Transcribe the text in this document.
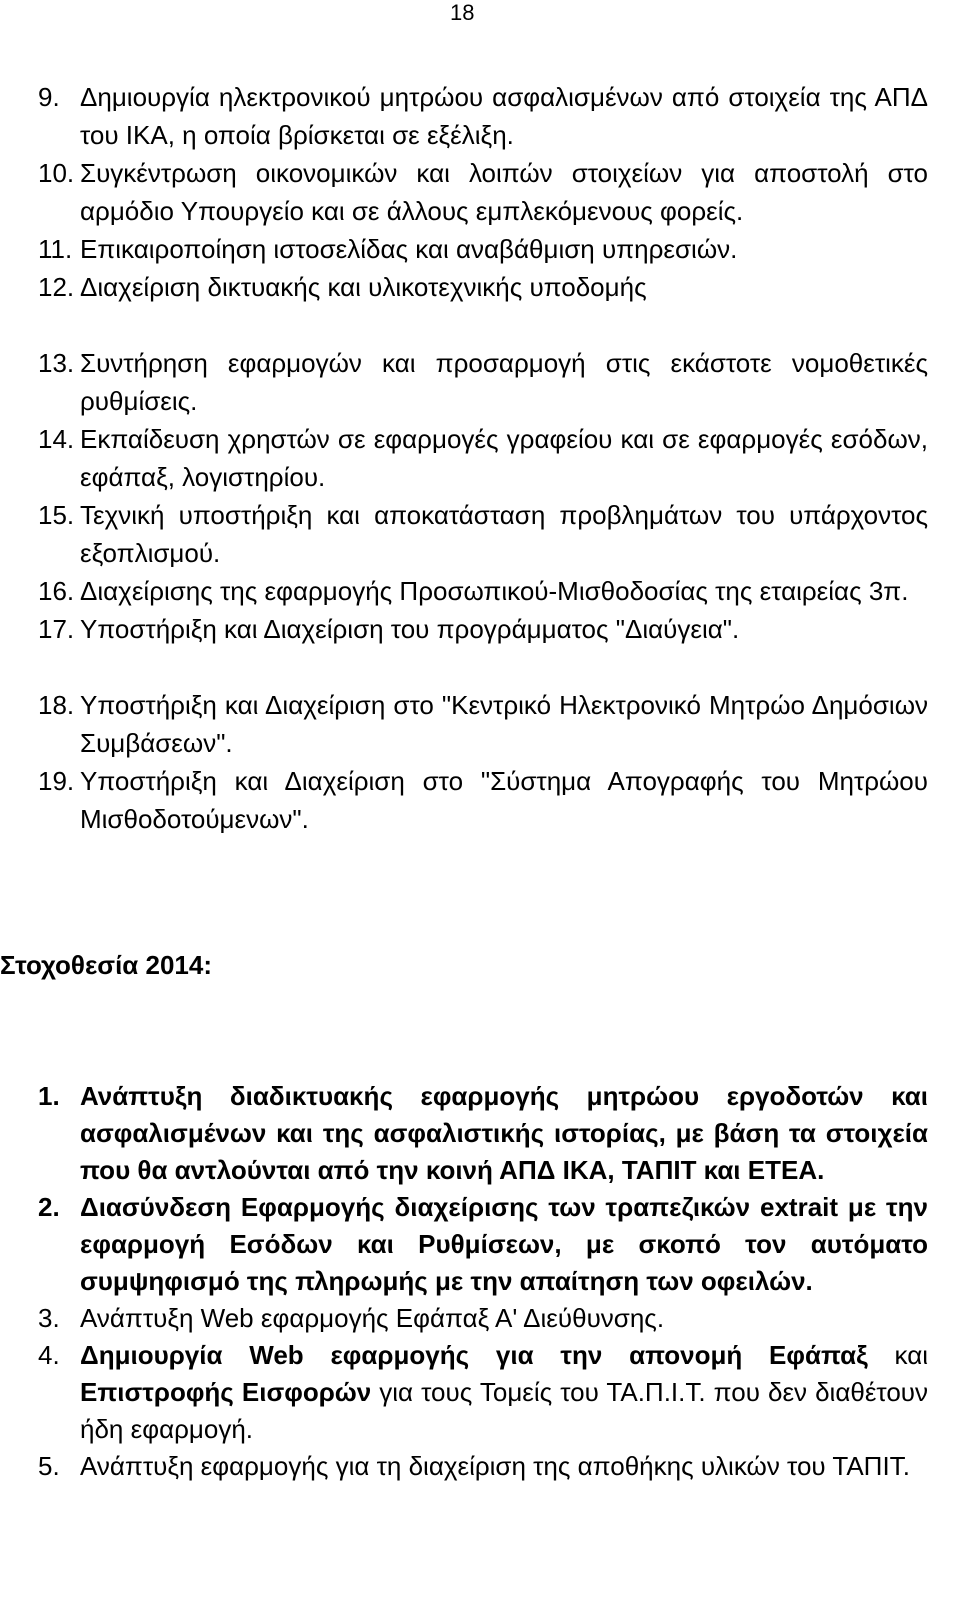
18
9. Δημιουργία ηλεκτρονικού μητρώου ασφαλισμένων από στοιχεία της ΑΠΔ του ΙΚΑ, η οποία βρίσκεται σε εξέλιξη.
10. Συγκέντρωση οικονομικών και λοιπών στοιχείων για αποστολή στο αρμόδιο Υπουργείο και σε άλλους εμπλεκόμενους φορείς.
11. Επικαιροποίηση ιστοσελίδας και αναβάθμιση υπηρεσιών.
12. Διαχείριση δικτυακής και υλικοτεχνικής υποδομής
13. Συντήρηση εφαρμογών και προσαρμογή στις εκάστοτε νομοθετικές ρυθμίσεις.
14. Εκπαίδευση χρηστών σε εφαρμογές γραφείου και σε εφαρμογές εσόδων, εφάπαξ, λογιστηρίου.
15. Τεχνική υποστήριξη και αποκατάσταση προβλημάτων του υπάρχοντος εξοπλισμού.
16. Διαχείρισης της εφαρμογής Προσωπικού-Μισθοδοσίας της εταιρείας 3π.
17. Υποστήριξη και Διαχείριση του προγράμματος "Διαύγεια".
18. Υποστήριξη και Διαχείριση στο "Κεντρικό Ηλεκτρονικό Μητρώο Δημόσιων Συμβάσεων".
19. Υποστήριξη και Διαχείριση στο "Σύστημα Απογραφής του Μητρώου Μισθοδοτούμενων".
Στοχοθεσία 2014:
1. Ανάπτυξη διαδικτυακής εφαρμογής μητρώου εργοδοτών και ασφαλισμένων και της ασφαλιστικής ιστορίας, με βάση τα στοιχεία που θα αντλούνται από την κοινή ΑΠΔ ΙΚΑ, ΤΑΠΙΤ και ΕΤΕΑ.
2. Διασύνδεση Εφαρμογής διαχείρισης των τραπεζικών extrait με την εφαρμογή Εσόδων και Ρυθμίσεων, με σκοπό τον αυτόματο συμψηφισμό της πληρωμής με την απαίτηση των οφειλών.
3. Ανάπτυξη Web εφαρμογής Εφάπαξ Α' Διεύθυνσης.
4. Δημιουργία Web εφαρμογής για την απονομή Εφάπαξ και Επιστροφής Εισφορών για τους Τομείς του ΤΑ.Π.Ι.Τ. που δεν διαθέτουν ήδη εφαρμογή.
5. Ανάπτυξη εφαρμογής για τη διαχείριση της αποθήκης υλικών του ΤΑΠΙΤ.
